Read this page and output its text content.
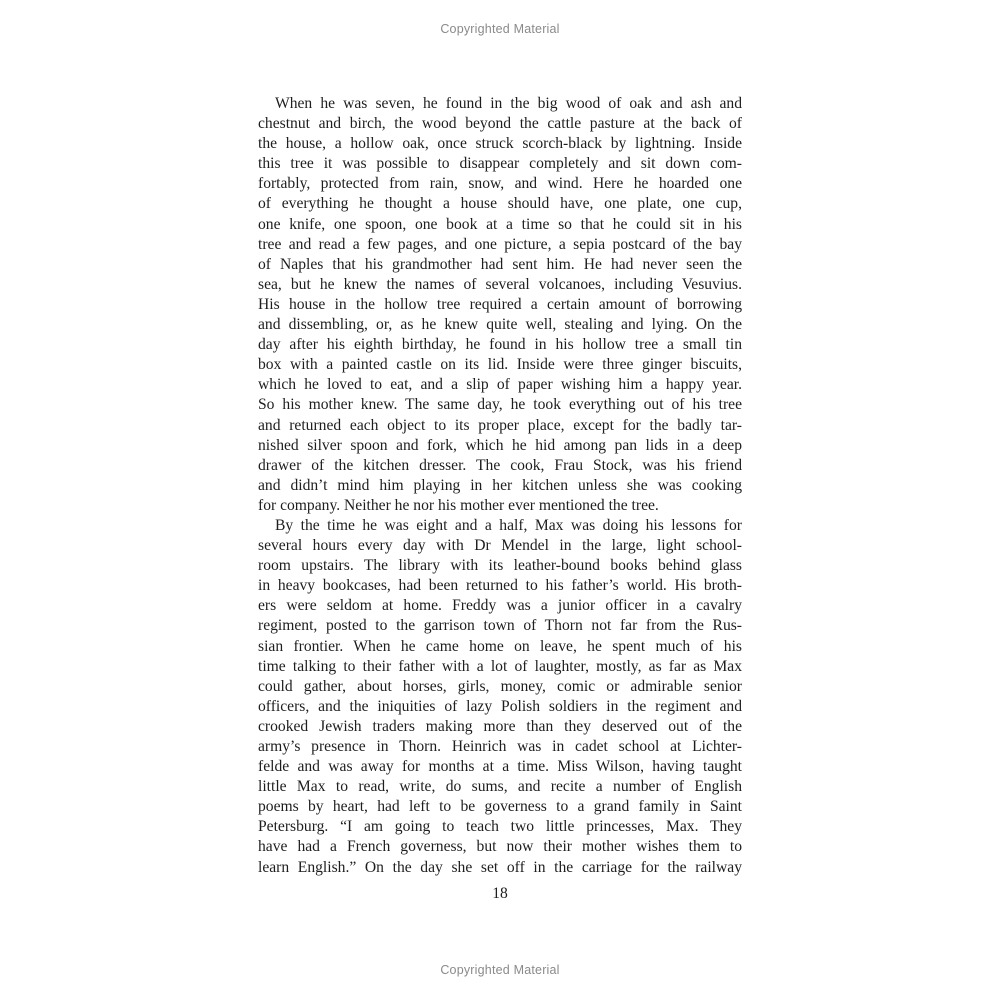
Copyrighted Material
When he was seven, he found in the big wood of oak and ash and
chestnut and birch, the wood beyond the cattle pasture at the back of
the house, a hollow oak, once struck scorch-black by lightning. Inside
this tree it was possible to disappear completely and sit down com-
fortably, protected from rain, snow, and wind. Here he hoarded one
of everything he thought a house should have, one plate, one cup,
one knife, one spoon, one book at a time so that he could sit in his
tree and read a few pages, and one picture, a sepia postcard of the bay
of Naples that his grandmother had sent him. He had never seen the
sea, but he knew the names of several volcanoes, including Vesuvius.
His house in the hollow tree required a certain amount of borrowing
and dissembling, or, as he knew quite well, stealing and lying. On the
day after his eighth birthday, he found in his hollow tree a small tin
box with a painted castle on its lid. Inside were three ginger biscuits,
which he loved to eat, and a slip of paper wishing him a happy year.
So his mother knew. The same day, he took everything out of his tree
and returned each object to its proper place, except for the badly tar-
nished silver spoon and fork, which he hid among pan lids in a deep
drawer of the kitchen dresser. The cook, Frau Stock, was his friend
and didn’t mind him playing in her kitchen unless she was cooking
for company. Neither he nor his mother ever mentioned the tree.
By the time he was eight and a half, Max was doing his lessons for
several hours every day with Dr Mendel in the large, light school-
room upstairs. The library with its leather-bound books behind glass
in heavy bookcases, had been returned to his father’s world. His broth-
ers were seldom at home. Freddy was a junior officer in a cavalry
regiment, posted to the garrison town of Thorn not far from the Rus-
sian frontier. When he came home on leave, he spent much of his
time talking to their father with a lot of laughter, mostly, as far as Max
could gather, about horses, girls, money, comic or admirable senior
officers, and the iniquities of lazy Polish soldiers in the regiment and
crooked Jewish traders making more than they deserved out of the
army’s presence in Thorn. Heinrich was in cadet school at Lichter-
felde and was away for months at a time. Miss Wilson, having taught
little Max to read, write, do sums, and recite a number of English
poems by heart, had left to be governess to a grand family in Saint
Petersburg. “I am going to teach two little princesses, Max. They
have had a French governess, but now their mother wishes them to
learn English.” On the day she set off in the carriage for the railway
18
Copyrighted Material
